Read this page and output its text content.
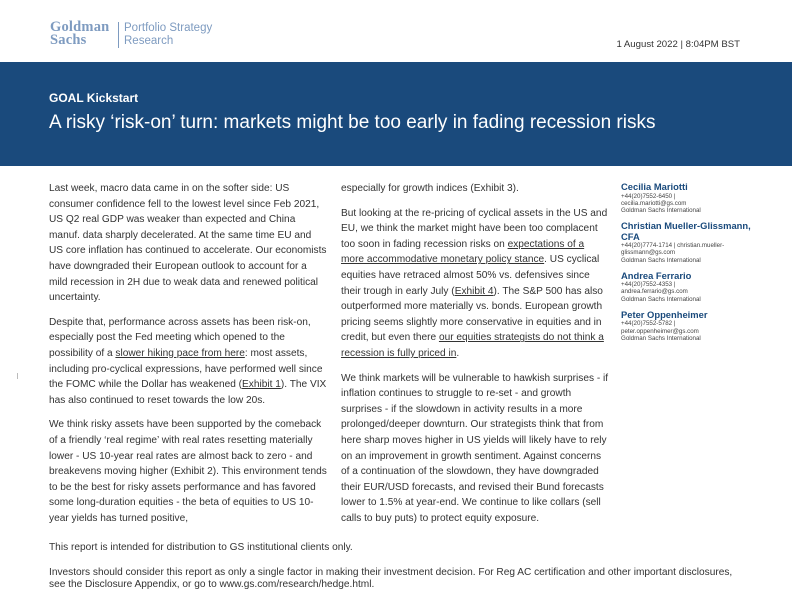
Goldman
Sachs
Portfolio Strategy
Research	1 August 2022 | 8:04PM BST
GOAL Kickstart
A risky ‘risk-on’ turn: markets might be too early in fading recession risks

Last week, macro data came in on the softer side: US consumer confidence fell to the lowest level since Feb 2021, US Q2 real GDP was weaker than expected and China manuf. data sharply decelerated. At the same time EU and US core inflation has continued to accelerate. Our economists have downgraded their European outlook to account for a mild recession in 2H due to weak data and renewed political uncertainty.

Despite that, performance across assets has been risk-on, especially post the Fed meeting which opened to the possibility of a slower hiking pace from here: most assets, including pro-cyclical expressions, have performed well since the FOMC while the Dollar has weakened (Exhibit 1). The VIX has also continued to reset towards the low 20s.

We think risky assets have been supported by the comeback of a friendly ‘real regime’ with real rates resetting materially lower - US 10-year real rates are almost back to zero - and breakevens moving higher (Exhibit 2). This environment tends to be the best for risky assets performance and has favored some long-duration equities - the beta of equities to US 10-year yields has turned positive,

especially for growth indices (Exhibit 3).

But looking at the re-pricing of cyclical assets in the US and EU, we think the market might have been too complacent too soon in fading recession risks on expectations of a more accommodative monetary policy stance. US cyclical equities have retraced almost 50% vs. defensives since their trough in early July (Exhibit 4). The S&P 500 has also outperformed more materially vs. bonds. European growth pricing seems slightly more conservative in equities and in credit, but even there our equities strategists do not think a recession is fully priced in.

We think markets will be vulnerable to hawkish surprises - if inflation continues to struggle to re-set - and growth surprises - if the slowdown in activity results in a more prolonged/deeper downturn. Our strategists think that from here sharp moves higher in US yields will likely have to rely on an improvement in growth sentiment. Against concerns of a continuation of the slowdown, they have downgraded their EUR/USD forecasts, and revised their Bund forecasts lower to 1.5% at year-end. We continue to like collars (sell calls to buy puts) to protect equity exposure.

Cecilia Mariotti
+44(20)7552-6450 |
cecilia.mariotti@gs.com
Goldman Sachs International
Christian Mueller-Glissmann, CFA
+44(20)7774-1714 | christian.mueller-
glissmann@gs.com
Goldman Sachs International
Andrea Ferrario
+44(20)7552-4353 |
andrea.ferrario@gs.com
Goldman Sachs International
Peter Oppenheimer
+44(20)7552-5782 |
peter.oppenheimer@gs.com
Goldman Sachs International
This report is intended for distribution to GS institutional clients only.
Investors should consider this report as only a single factor in making their investment decision. For Reg AC certification and other important disclosures, see the Disclosure Appendix, or go to www.gs.com/research/hedge.html.
